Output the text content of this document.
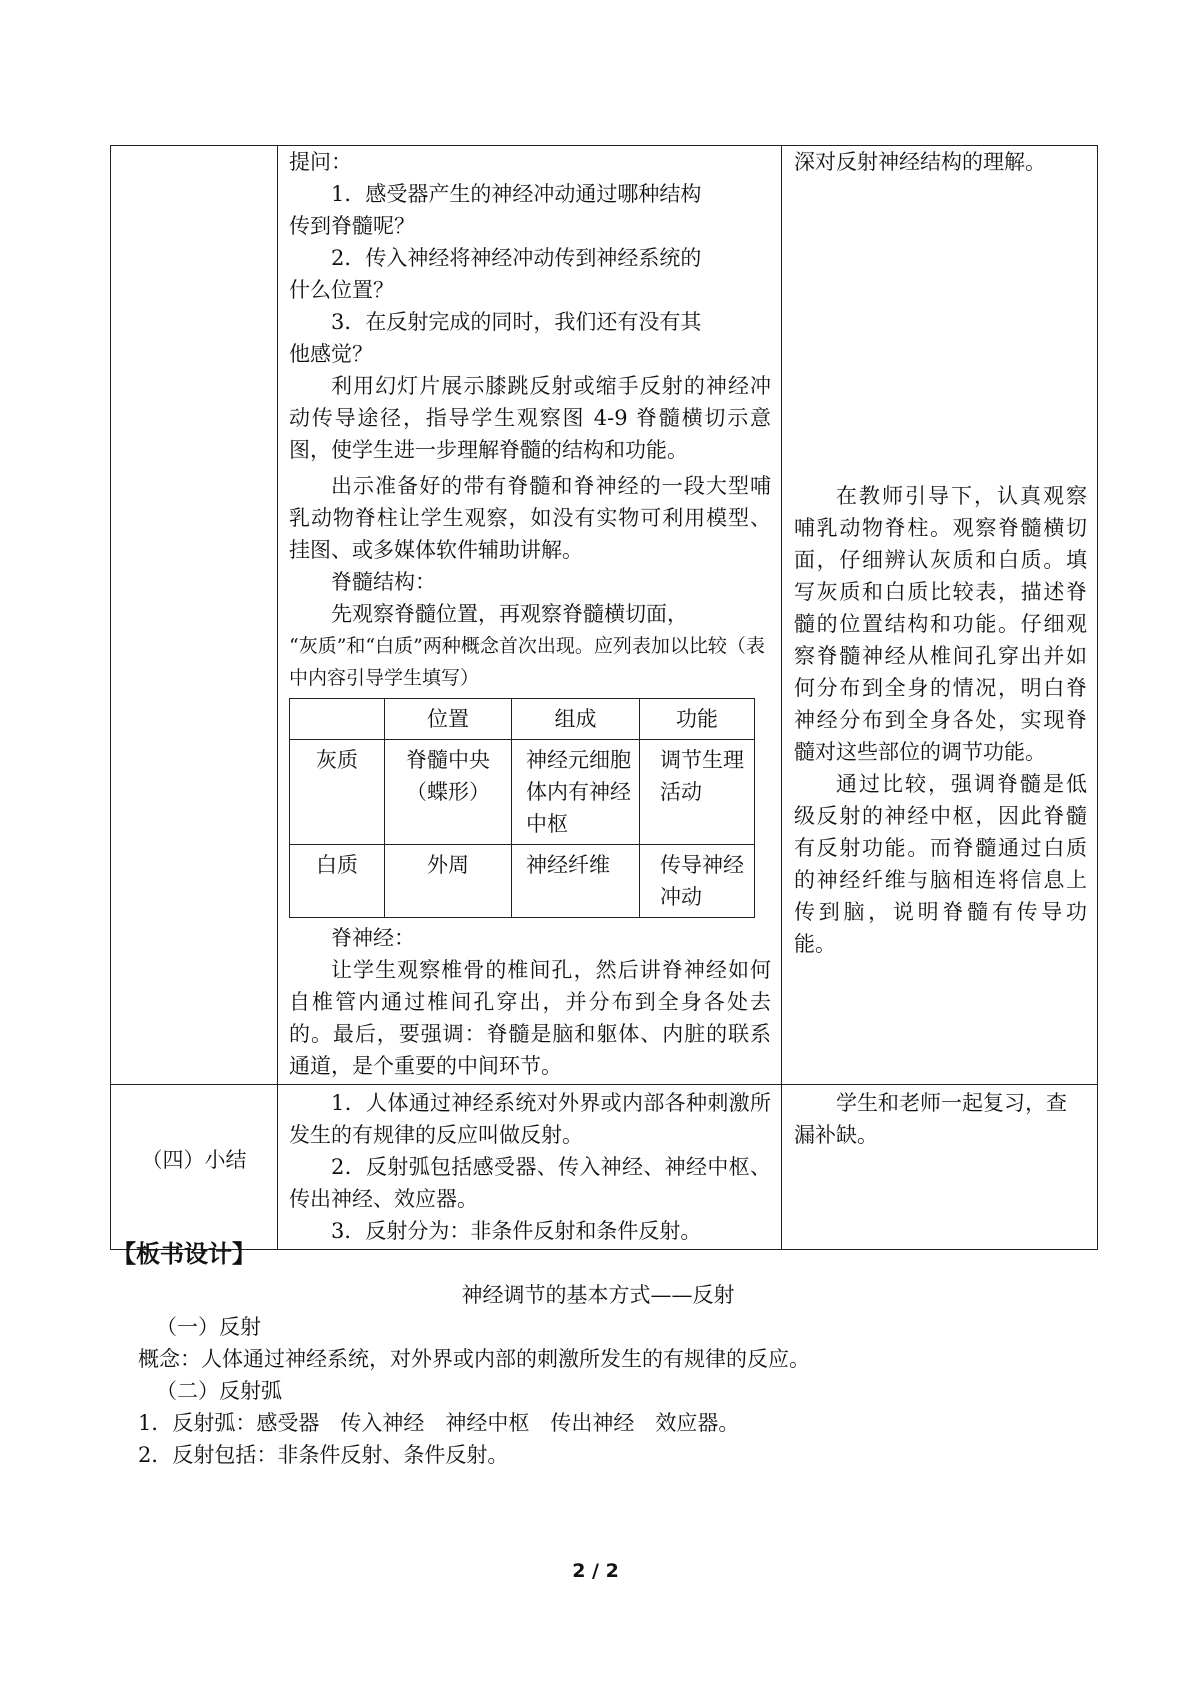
提问：

1．感受器产生的神经冲动通过哪种结构

传到脊髓呢？

2．传入神经将神经冲动传到神经系统的

什么位置？

3．在反射完成的同时，我们还有没有其

他感觉？

利用幻灯片展示膝跳反射或缩手反射的神经冲动传导途径，指导学生观察图 4-9 脊髓横切示意图，使学生进一步理解脊髓的结构和功能。

出示准备好的带有脊髓和脊神经的一段大型哺乳动物脊柱让学生观察，如没有实物可利用模型、挂图、或多媒体软件辅助讲解。

脊髓结构：

先观察脊髓位置，再观察脊髓横切面，

“灰质”和“白质”两种概念首次出现。应列表加以比较（表中内容引导学生填写）

	位置	组成	功能
灰质	脊髓中央（蝶形）	神经元细胞体内有神经中枢	调节生理活动
白质	外周	神经纤维	传导神经冲动

脊神经：

让学生观察椎骨的椎间孔，然后讲脊神经如何自椎管内通过椎间孔穿出，并分布到全身各处去的。最后，要强调：脊髓是脑和躯体、内脏的联系通道，是个重要的中间环节。

深对反射神经结构的理解。

在教师引导下，认真观察哺乳动物脊柱。观察脊髓横切面，仔细辨认灰质和白质。填写灰质和白质比较表，描述脊髓的位置结构和功能。仔细观察脊髓神经从椎间孔穿出并如何分布到全身的情况，明白脊神经分布到全身各处，实现脊髓对这些部位的调节功能。

通过比较，强调脊髓是低级反射的神经中枢，因此脊髓有反射功能。而脊髓通过白质的神经纤维与脑相连将信息上传到脑，说明脊髓有传导功能。

（四）小结

1．人体通过神经系统对外界或内部各种刺激所发生的有规律的反应叫做反射。

2．反射弧包括感受器、传入神经、神经中枢、传出神经、效应器。

3．反射分为：非条件反射和条件反射。

学生和老师一起复习，查漏补缺。

【板书设计】

神经调节的基本方式——反射

（一）反射

概念：人体通过神经系统，对外界或内部的刺激所发生的有规律的反应。

（二）反射弧

1．反射弧：感受器　传入神经　神经中枢　传出神经　效应器。

2．反射包括：非条件反射、条件反射。

2 / 2
